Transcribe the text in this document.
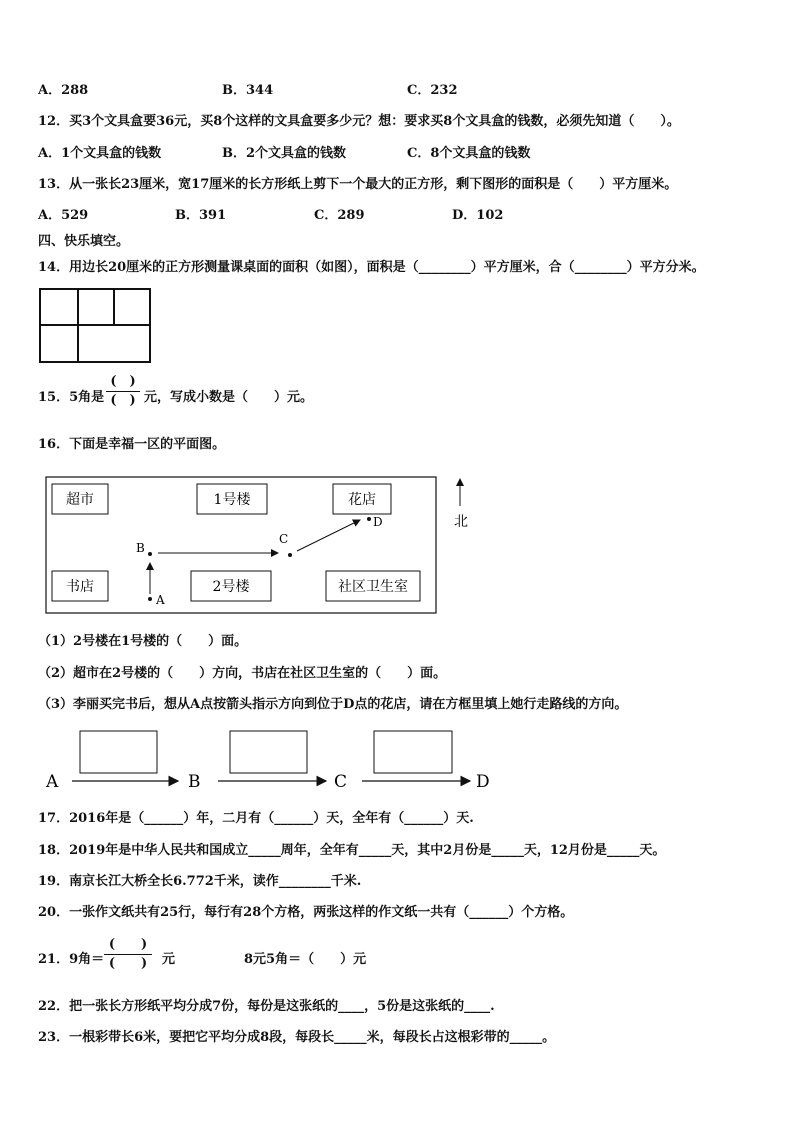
A．288	B．344	C．232
12．买3个文具盒要36元，买8个这样的文具盒要多少元？想：要求买8个文具盒的钱数，必须先知道（　　）。
A．1个文具盒的钱数	B．2个文具盒的钱数	C．8个文具盒的钱数
13．从一张长23厘米，宽17厘米的长方形纸上剪下一个最大的正方形，剩下图形的面积是（　　）平方厘米。
A．529	B．391	C．289	D．102
四、快乐填空。
14．用边长20厘米的正方形测量课桌面的面积（如图），面积是（________）平方厘米，合（________）平方分米。
15．5角是
(　)
(　) 元，写成小数是（　　）元。
16．下面是幸福一区的平面图。
超市	1号楼	花店
书店	2号楼	社区卫生室
A
B
C
D	北
（1）2号楼在1号楼的（　　）面。
（2）超市在2号楼的（　　）方向，书店在社区卫生室的（　　）面。
（3）李丽买完书后，想从A点按箭头指示方向到位于D点的花店，请在方框里填上她行走路线的方向。
A	B	C	D
17．2016年是（______）年，二月有（______）天，全年有（______）天.
18．2019年是中华人民共和国成立_____周年，全年有_____天，其中2月份是_____天，12月份是_____天。
19．南京长江大桥全长6.772千米，读作________千米.
20．一张作文纸共有25行，每行有28个方格，两张这样的作文纸一共有（______）个方格。
21．9角＝
(　　)
(　　) 元	8元5角＝（　　）元
22．把一张长方形纸平均分成7份，每份是这张纸的____，5份是这张纸的____.
23．一根彩带长6米，要把它平均分成8段，每段长_____米，每段长占这根彩带的_____。
